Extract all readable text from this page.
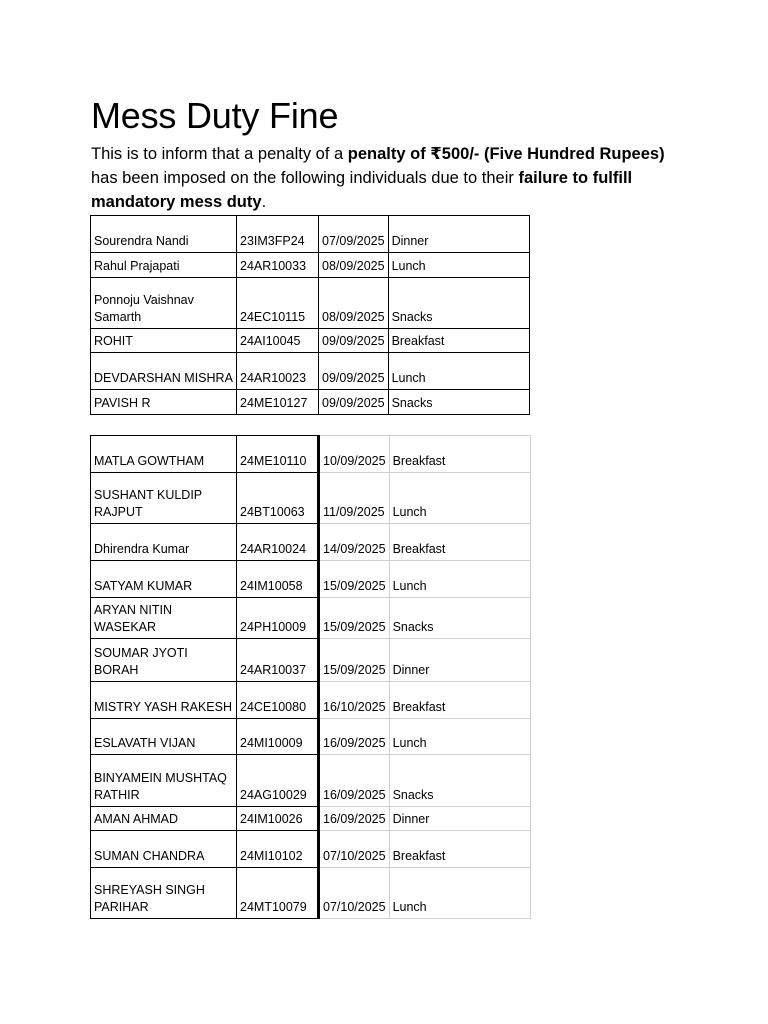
Mess Duty Fine

This is to inform that a penalty of a penalty of ₹500/- (Five Hundred Rupees) has been imposed on the following individuals due to their failure to fulfill mandatory mess duty.

Sourendra Nandi	23IM3FP24	07/09/2025	Dinner
Rahul Prajapati	24AR10033	08/09/2025	Lunch
Ponnoju Vaishnav Samarth	24EC10115	08/09/2025	Snacks
ROHIT	24AI10045	09/09/2025	Breakfast
DEVDARSHAN MISHRA	24AR10023	09/09/2025	Lunch
PAVISH R	24ME10127	09/09/2025	Snacks
MATLA GOWTHAM	24ME10110	10/09/2025	Breakfast
SUSHANT KULDIP RAJPUT	24BT10063	11/09/2025	Lunch
Dhirendra Kumar	24AR10024	14/09/2025	Breakfast
SATYAM KUMAR	24IM10058	15/09/2025	Lunch
ARYAN NITIN WASEKAR	24PH10009	15/09/2025	Snacks
SOUMAR JYOTI BORAH	24AR10037	15/09/2025	Dinner
MISTRY YASH RAKESH	24CE10080	16/10/2025	Breakfast
ESLAVATH VIJAN	24MI10009	16/09/2025	Lunch
BINYAMEIN MUSHTAQ RATHIR	24AG10029	16/09/2025	Snacks
AMAN AHMAD	24IM10026	16/09/2025	Dinner
SUMAN CHANDRA	24MI10102	07/10/2025	Breakfast
SHREYASH SINGH PARIHAR	24MT10079	07/10/2025	Lunch
